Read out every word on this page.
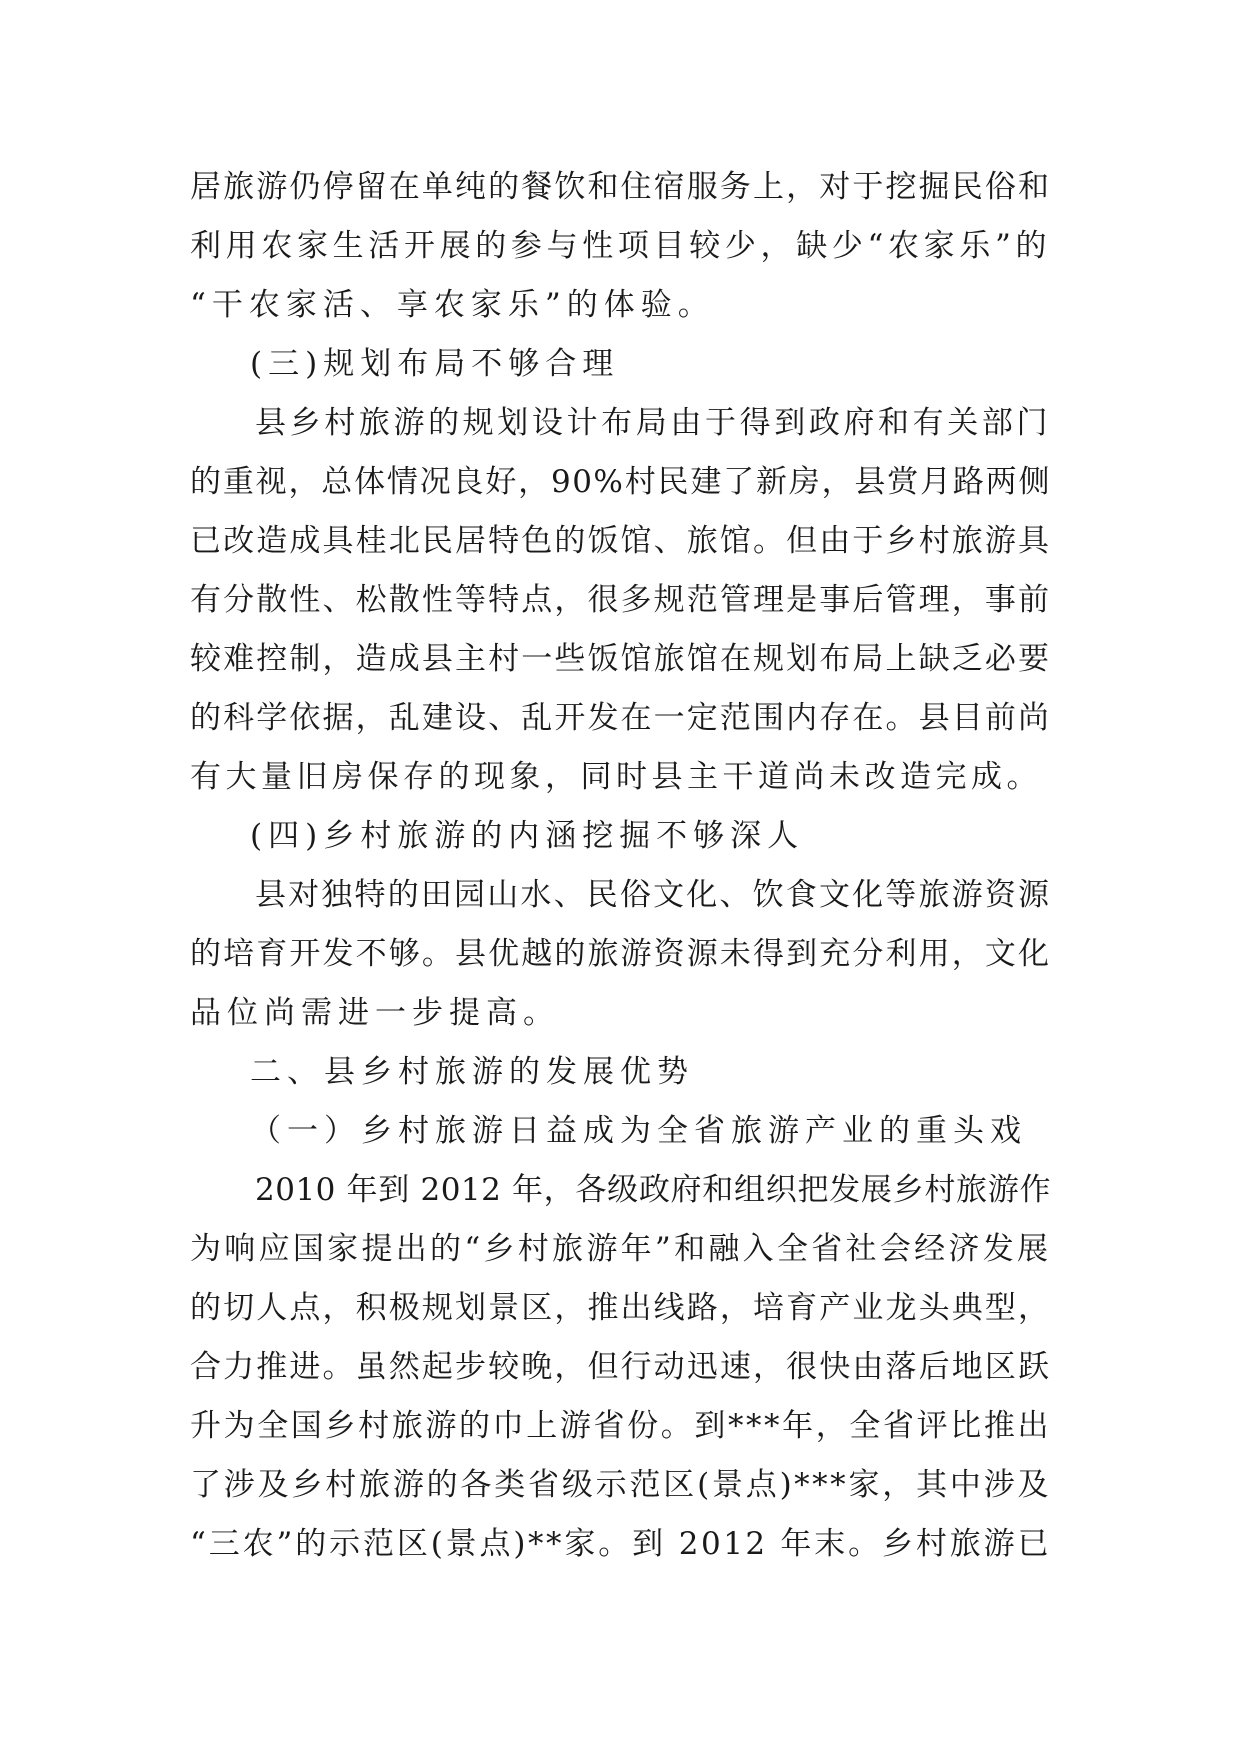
居旅游仍停留在单纯的餐饮和住宿服务上，对于挖掘民俗和
利用农家生活开展的参与性项目较少，缺少“农家乐”的
“干农家活、享农家乐”的体验。
(三)规划布局不够合理
县乡村旅游的规划设计布局由于得到政府和有关部门
的重视，总体情况良好，90%村民建了新房，县赏月路两侧
已改造成具桂北民居特色的饭馆、旅馆。但由于乡村旅游具
有分散性、松散性等特点，很多规范管理是事后管理，事前
较难控制，造成县主村一些饭馆旅馆在规划布局上缺乏必要
的科学依据，乱建设、乱开发在一定范围内存在。县目前尚
有大量旧房保存的现象，同时县主干道尚未改造完成。
(四)乡村旅游的内涵挖掘不够深人
县对独特的田园山水、民俗文化、饮食文化等旅游资源
的培育开发不够。县优越的旅游资源未得到充分利用，文化
品位尚需进一步提高。
二、县乡村旅游的发展优势
（一）乡村旅游日益成为全省旅游产业的重头戏
2010 年到 2012 年，各级政府和组织把发展乡村旅游作
为响应国家提出的“乡村旅游年”和融入全省社会经济发展
的切人点，积极规划景区，推出线路，培育产业龙头典型，
合力推进。虽然起步较晚，但行动迅速，很快由落后地区跃
升为全国乡村旅游的巾上游省份。到***年，全省评比推出
了涉及乡村旅游的各类省级示范区(景点)***家，其中涉及
“三农”的示范区(景点)**家。到 2012 年末。乡村旅游已
